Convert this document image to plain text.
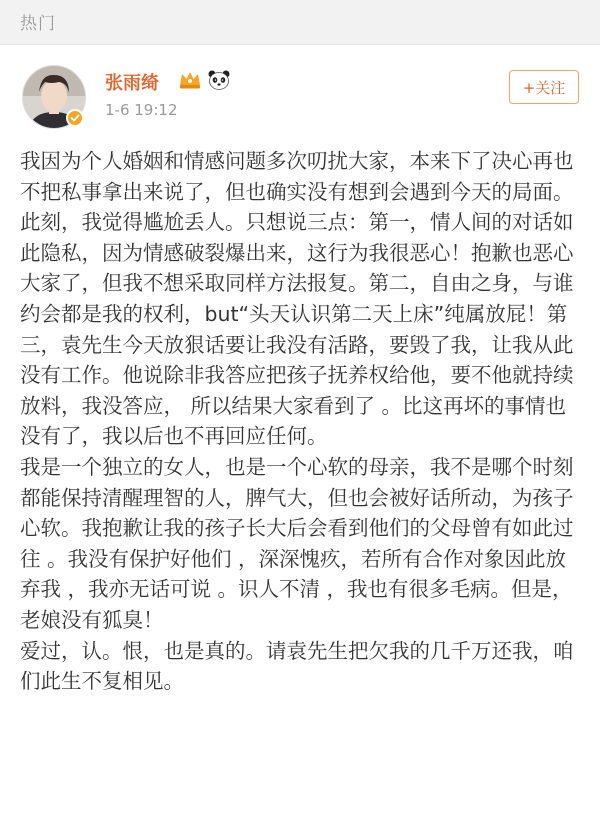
热门
张雨绮

1-6 19:12
+关注

我因为个人婚姻和情感问题多次叨扰大家，本来下了决心再也不把私事拿出来说了，但也确实没有想到会遇到今天的局面。此刻，我觉得尴尬丢人。只想说三点：第一，情人间的对话如此隐私，因为情感破裂爆出来，这行为我很恶心！抱歉也恶心大家了，但我不想采取同样方法报复。第二，自由之身，与谁约会都是我的权利，but“头天认识第二天上床”纯属放屁！第三，袁先生今天放狠话要让我没有活路，要毁了我，让我从此没有工作。他说除非我答应把孩子抚养权给他，要不他就持续放料，我没答应， 所以结果大家看到了 。比这再坏的事情也没有了，我以后也不再回应任何。

我是一个独立的女人，也是一个心软的母亲，我不是哪个时刻都能保持清醒理智的人，脾气大，但也会被好话所动，为孩子心软。我抱歉让我的孩子长大后会看到他们的父母曾有如此过往 。我没有保护好他们 ，深深愧疚，若所有合作对象因此放弃我 ，我亦无话可说 。识人不清 ，我也有很多毛病。但是，老娘没有狐臭！

爱过，认。恨，也是真的。请袁先生把欠我的几千万还我，咱们此生不复相见。
